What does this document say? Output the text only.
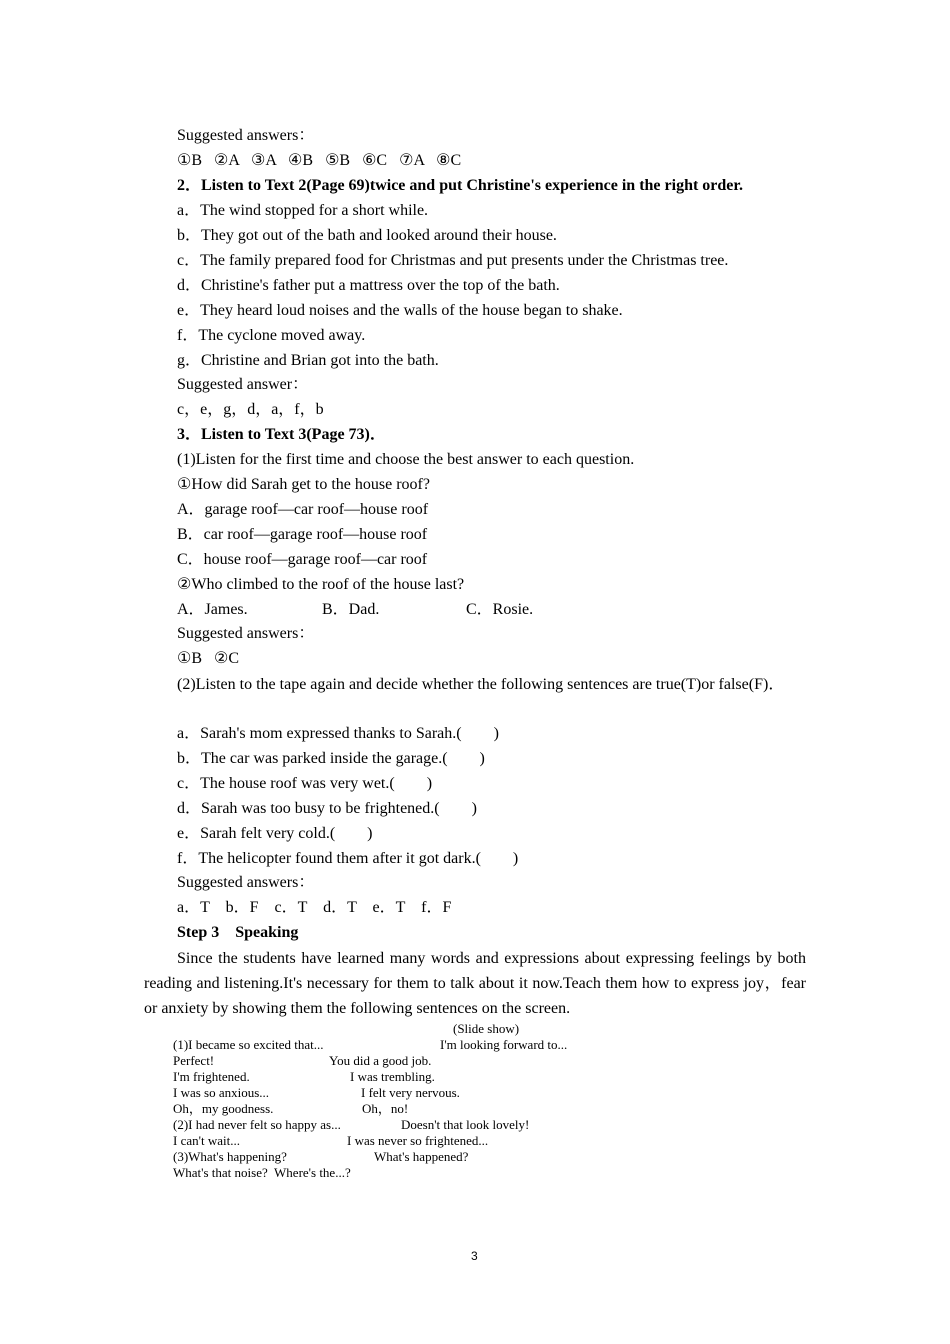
Suggested answers：
①B   ②A   ③A   ④B   ⑤B   ⑥C   ⑦A   ⑧C
2．Listen to Text 2(Page 69)twice and put Christine's experience in the right order.
a．The wind stopped for a short while.
b．They got out of the bath and looked around their house.
c．The family prepared food for Christmas and put presents under the Christmas tree.
d．Christine's father put a mattress over the top of the bath.
e．They heard loud noises and the walls of the house began to shake.
f．The cyclone moved away.
g．Christine and Brian got into the bath.
Suggested answer：
c，e，g，d，a，f，b
3．Listen to Text 3(Page 73)．
(1)Listen for the first time and choose the best answer to each question.
①How did Sarah get to the house roof?
A．garage roof—car roof—house roof
B．car roof—garage roof—house roof
C．house roof—garage roof—car roof
②Who climbed to the roof of the house last?
A．James.	B．Dad.	C．Rosie.
Suggested answers：
①B   ②C
(2)Listen to the tape again and decide whether the following sentences are true(T)or false(F)．
a．Sarah's mom expressed thanks to Sarah.(        )
b．The car was parked inside the garage.(        )
c．The house roof was very wet.(        )
d．Sarah was too busy to be frightened.(        )
e．Sarah felt very cold.(        )
f．The helicopter found them after it got dark.(        )
Suggested answers：
a．T    b．F    c．T    d．T    e．T    f．F
Step 3    Speaking
Since the students have learned many words and expressions about expressing feelings by both reading and listening.It's necessary for them to talk about it now.Teach them how to express joy，fear or anxiety by showing them the following sentences on the screen.
(Slide show)
(1)I became so excited that...	I'm looking forward to...
Perfect!	You did a good job.
I'm frightened.	I was trembling.
I was so anxious...	I felt very nervous.
Oh，my goodness.	Oh，no!
(2)I had never felt so happy as...	Doesn't that look lovely!
I can't wait...	I was never so frightened...
(3)What's happening?	What's happened?
What's that noise?  Where's the...?
3
